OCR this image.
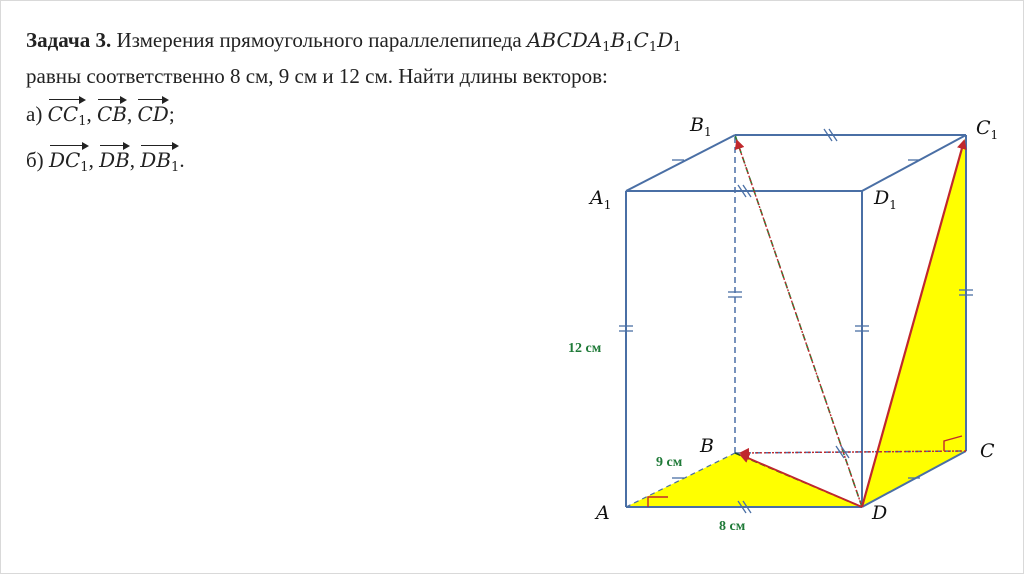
Задача 3. Измерения прямоугольного параллелепипеда $ABCDA_1B_1C_1D_1$
равны соответственно 8 см, 9 см и 12 см. Найти длины векторов:
а) $CC_1$, CB, CD;
б) $DC_1$, DB, $DB_1$.
A
B	C
D
$A_1$
$B_1$	$C_1$
$D_1$
12 см
9 см
8 см
